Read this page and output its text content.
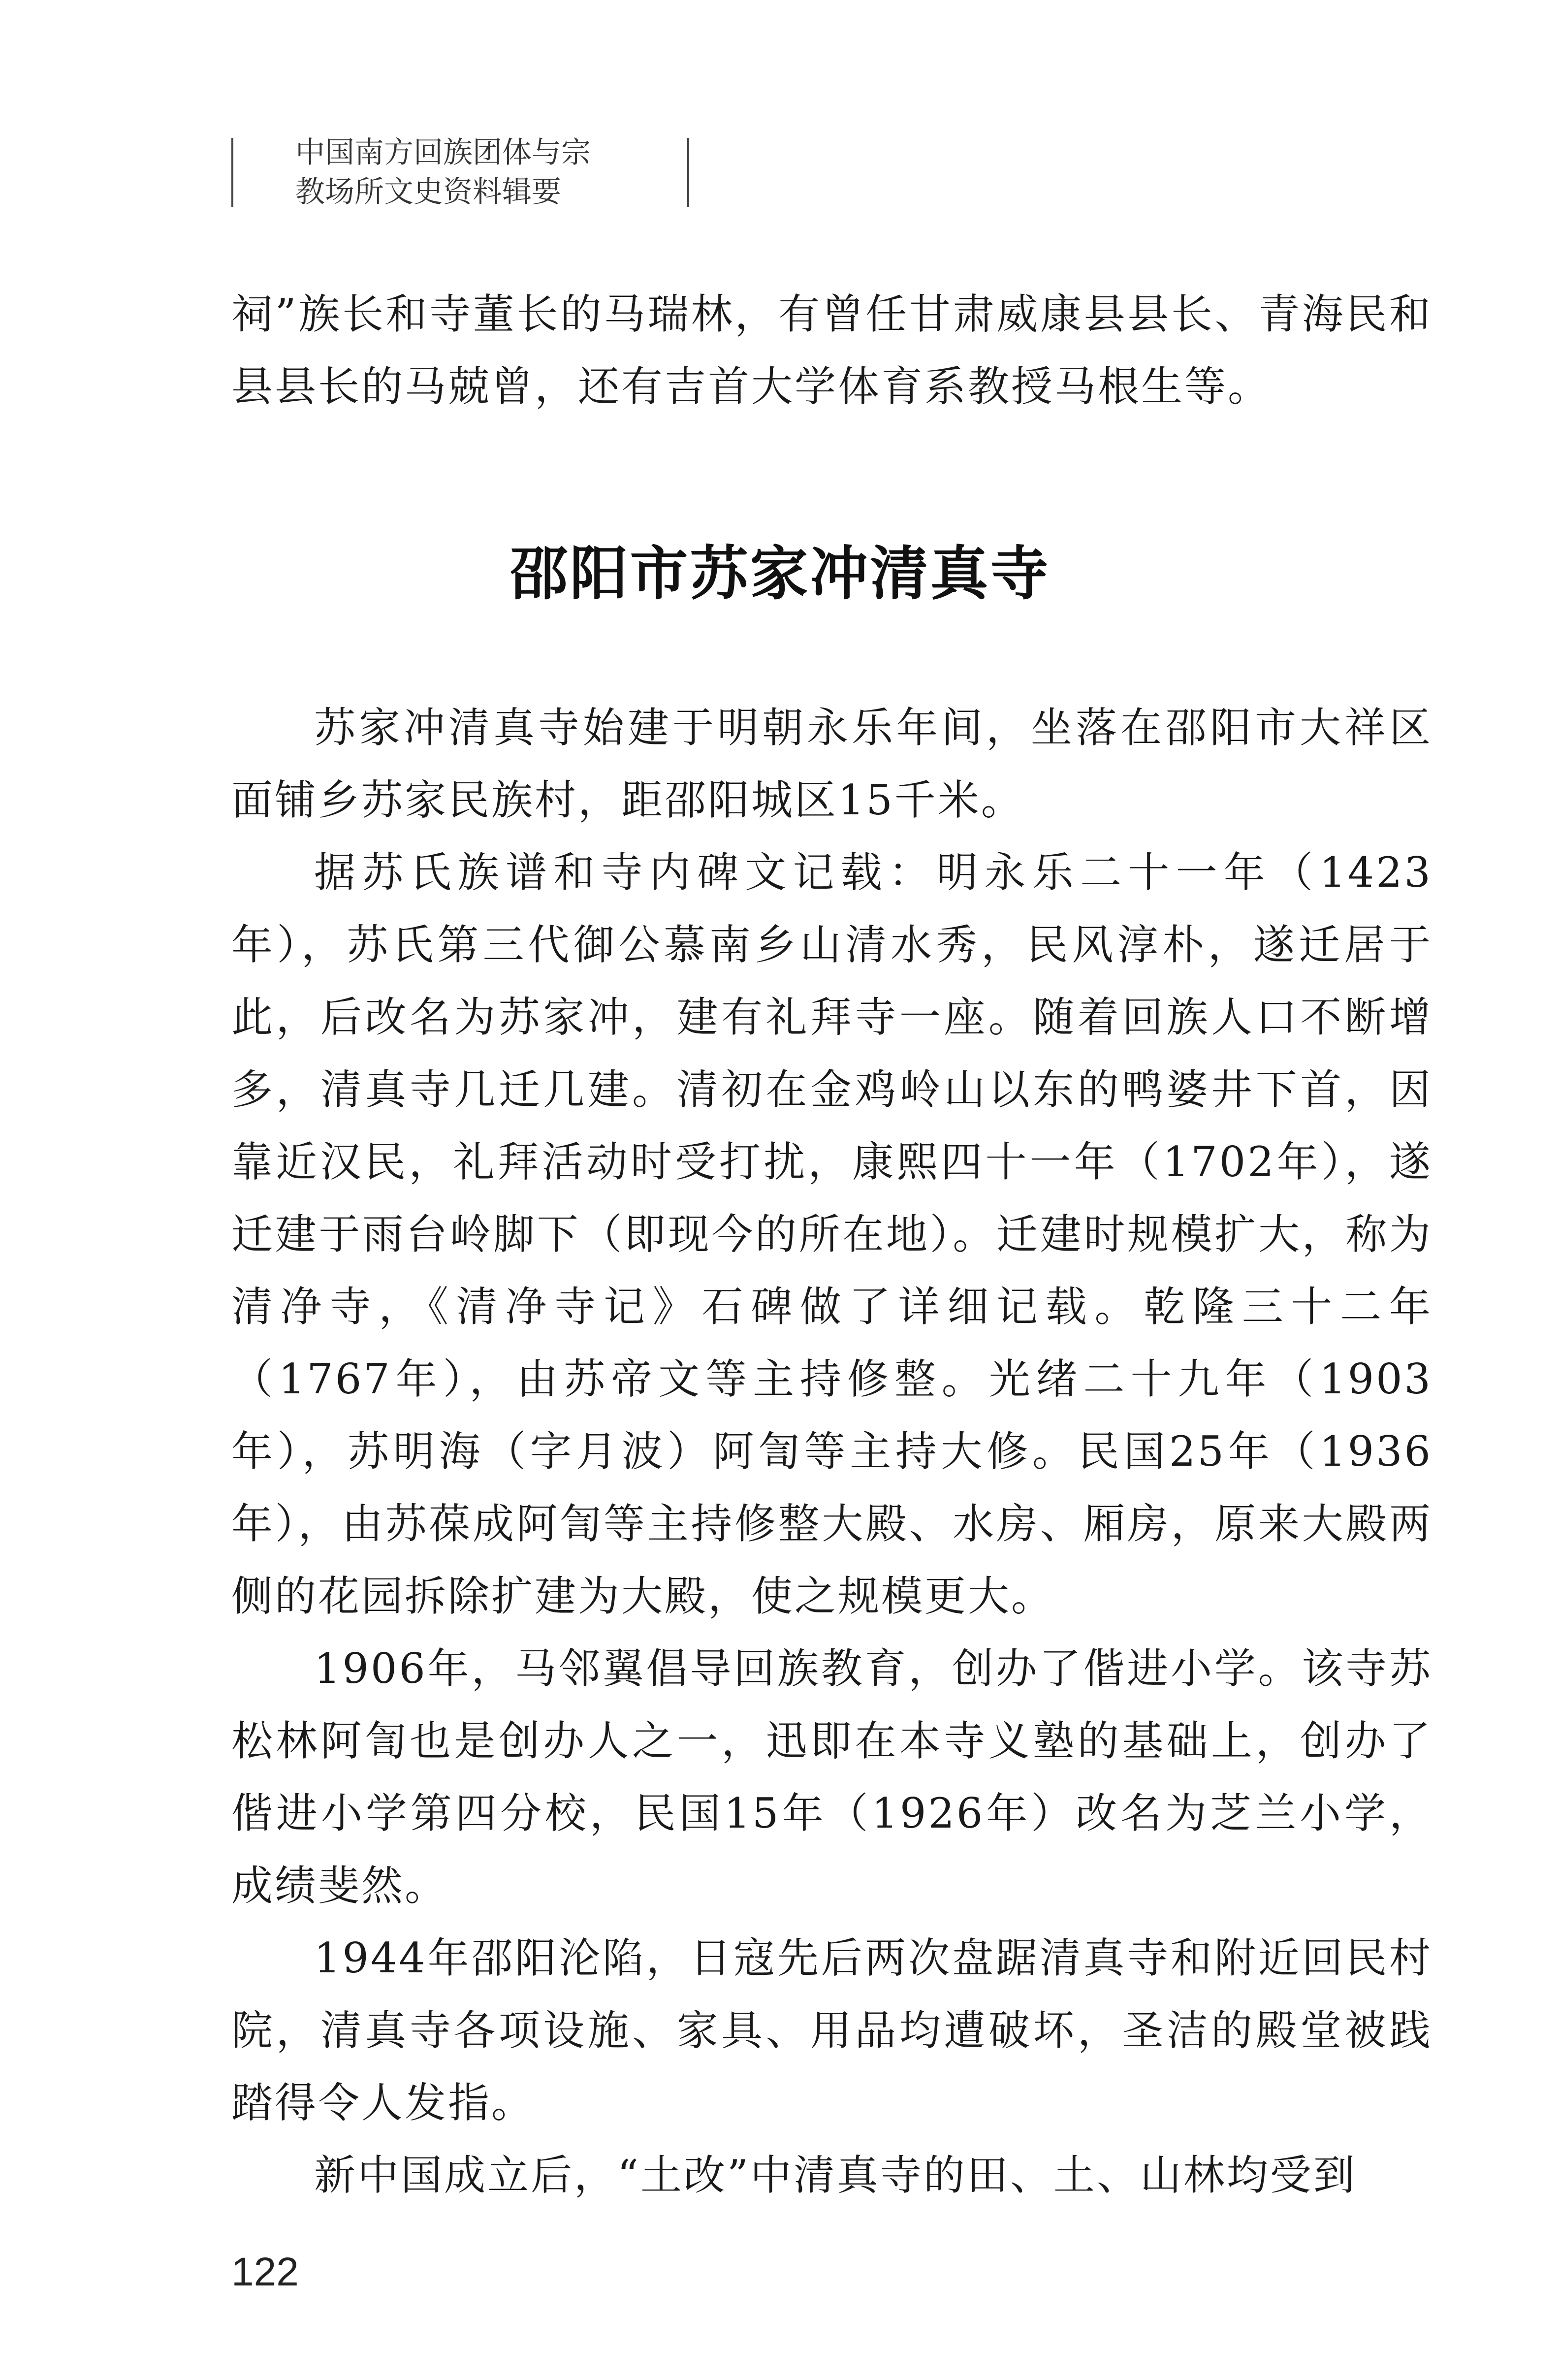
中国南方回族团体与宗
教场所文史资料辑要

祠”族长和寺董长的马瑞林，有曾任甘肃威康县县长、青海民和县县长的马兢曾，还有吉首大学体育系教授马根生等。

邵阳市苏家冲清真寺

苏家冲清真寺始建于明朝永乐年间，坐落在邵阳市大祥区面铺乡苏家民族村，距邵阳城区15千米。

据苏氏族谱和寺内碑文记载：明永乐二十一年（1423年），苏氏第三代御公慕南乡山清水秀，民风淳朴，遂迁居于此，后改名为苏家冲，建有礼拜寺一座。随着回族人口不断增多，清真寺几迁几建。清初在金鸡岭山以东的鸭婆井下首，因靠近汉民，礼拜活动时受打扰，康熙四十一年（1702年），遂迁建于雨台岭脚下（即现今的所在地）。迁建时规模扩大，称为清净寺，《清净寺记》石碑做了详细记载。乾隆三十二年（1767年），由苏帝文等主持修整。光绪二十九年（1903年），苏明海（字月波）阿訇等主持大修。民国25年（1936年），由苏葆成阿訇等主持修整大殿、水房、厢房，原来大殿两侧的花园拆除扩建为大殿，使之规模更大。

1906年，马邻翼倡导回族教育，创办了偕进小学。该寺苏松林阿訇也是创办人之一，迅即在本寺义塾的基础上，创办了偕进小学第四分校，民国15年（1926年）改名为芝兰小学，成绩斐然。

1944年邵阳沦陷，日寇先后两次盘踞清真寺和附近回民村院，清真寺各项设施、家具、用品均遭破坏，圣洁的殿堂被践踏得令人发指。

新中国成立后，“土改”中清真寺的田、土、山林均受到

122
